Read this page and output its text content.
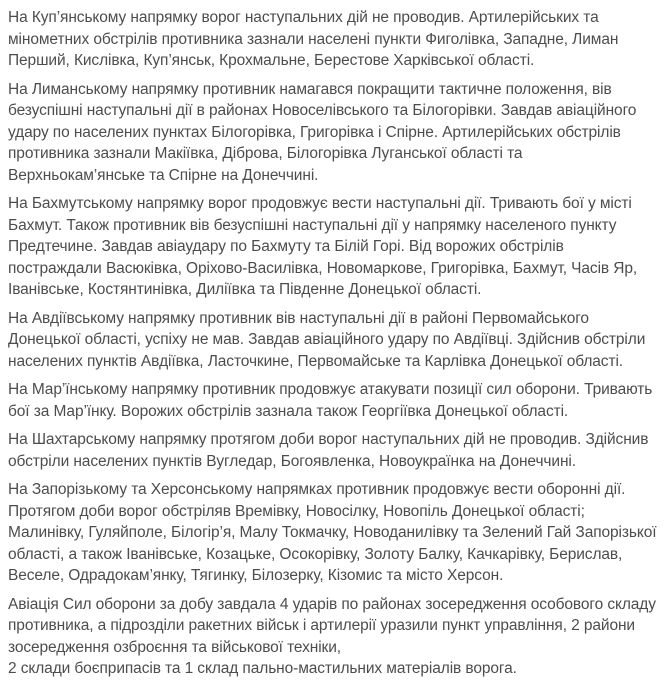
На Куп’янському напрямку ворог наступальних дій не проводив. Артилерійських та мінометних обстрілів противника зазнали населені пункти Фиголівка, Западне, Лиман Перший, Кислівка, Куп’янськ, Крохмальне, Берестове Харківської області.

На Лиманському напрямку противник намагався покращити тактичне положення, вів безуспішні наступальні дії в районах Новоселівського та Білогорівки. Завдав авіаційного удару по населених пунктах Білогорівка, Григорівка і Спірне. Артилерійських обстрілів противника зазнали Макіївка, Діброва, Білогорівка Луганської області та Верхньокам’янське та Спірне на Донеччині.

На Бахмутському напрямку ворог продовжує вести наступальні дії. Тривають бої у місті Бахмут. Також противник вів безуспішні наступальні дії у напрямку населеного пункту Предтечине. Завдав авіаудару по Бахмуту та Білій Горі. Від ворожих обстрілів постраждали Васюківка, Оріхово-Василівка, Новомаркове, Григорівка, Бахмут, Часів Яр, Іванівське, Костянтинівка, Диліївка та Південне Донецької області.

На Авдіївському напрямку противник вів наступальні дії в районі Первомайського Донецької області, успіху не мав. Завдав авіаційного удару по Авдіївці. Здійснив обстріли населених пунктів Авдіївка, Ласточкине, Первомайське та Карлівка Донецької області.

На Мар’їнському напрямку противник продовжує атакувати позиції сил оборони. Тривають бої за Мар’їнку. Ворожих обстрілів зазнала також Георгіївка Донецької області.

На Шахтарському напрямку протягом доби ворог наступальних дій не проводив. Здійснив обстріли населених пунктів Вугледар, Богоявленка, Новоукраїнка на Донеччині.

На Запорізькому та Херсонському напрямках противник продовжує вести оборонні дії. Протягом доби ворог обстріляв Времівку, Новосілку, Новопіль Донецької області; Малинівку, Гуляйполе, Білогір’я, Малу Токмачку, Новоданилівку та Зелений Гай Запорізької області, а також Іванівське, Козацьке, Осокорівку, Золоту Балку, Качкарівку, Берислав, Веселе, Одрадокам’янку, Тягинку, Білозерку, Кізомис та місто Херсон.

Авіація Сил оборони за добу завдала 4 ударів по районах зосередження особового складу противника, а підрозділи ракетних військ і артилерії уразили пункт управління, 2 райони зосередження озброєння та військової техніки,
2 склади боєприпасів та 1 склад пально-мастильних матеріалів ворога.
